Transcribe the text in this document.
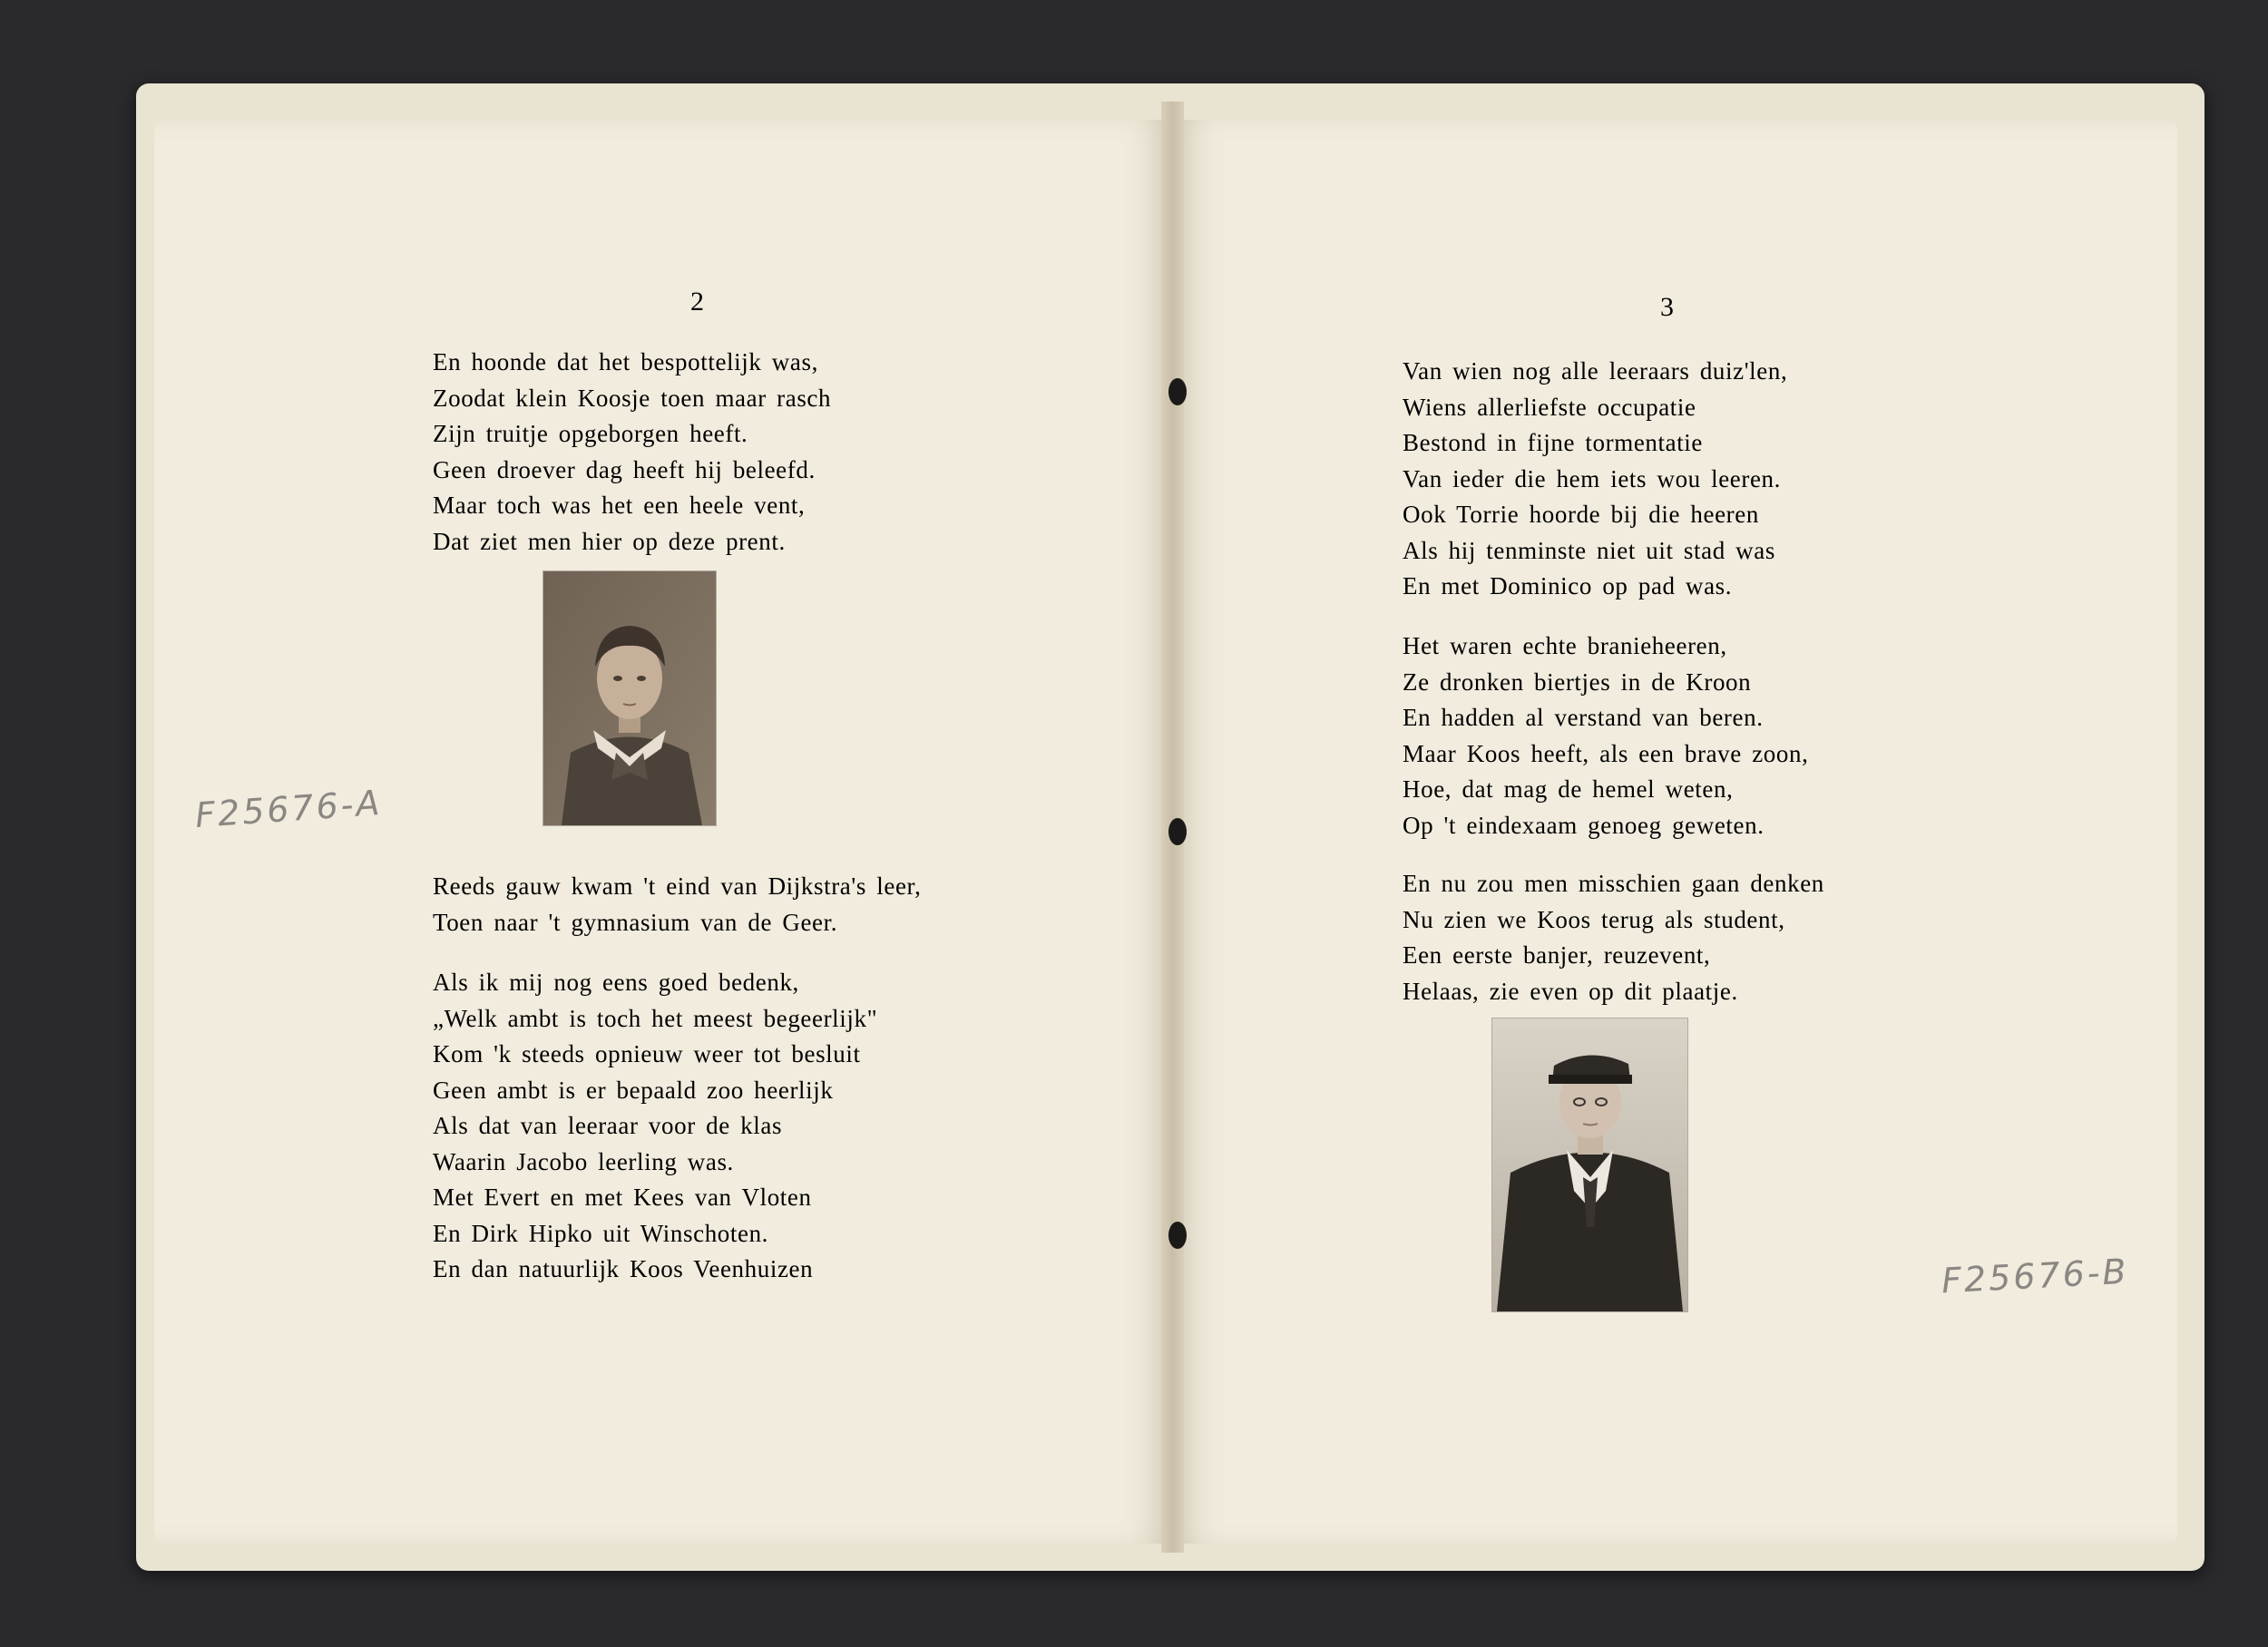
2
En hoonde dat het bespottelijk was,
Zoodat klein Koosje toen maar rasch
Zijn truitje opgeborgen heeft.
Geen droever dag heeft hij beleefd.
Maar toch was het een heele vent,
Dat ziet men hier op deze prent.
Reeds gauw kwam 't eind van Dijkstra's leer,
Toen naar 't gymnasium van de Geer.
Als ik mij nog eens goed bedenk,
„Welk ambt is toch het meest begeerlijk"
Kom 'k steeds opnieuw weer tot besluit
Geen ambt is er bepaald zoo heerlijk
Als dat van leeraar voor de klas
Waarin Jacobo leerling was.
Met Evert en met Kees van Vloten
En Dirk Hipko uit Winschoten.
En dan natuurlijk Koos Veenhuizen
F25676-A
3
Van wien nog alle leeraars duiz'len,
Wiens allerliefste occupatie
Bestond in fijne tormentatie
Van ieder die hem iets wou leeren.
Ook Torrie hoorde bij die heeren
Als hij tenminste niet uit stad was
En met Dominico op pad was.
Het waren echte branieheeren,
Ze dronken biertjes in de Kroon
En hadden al verstand van beren.
Maar Koos heeft, als een brave zoon,
Hoe, dat mag de hemel weten,
Op 't eindexaam genoeg geweten.
En nu zou men misschien gaan denken
Nu zien we Koos terug als student,
Een eerste banjer, reuzevent,
Helaas, zie even op dit plaatje.
F25676-B
